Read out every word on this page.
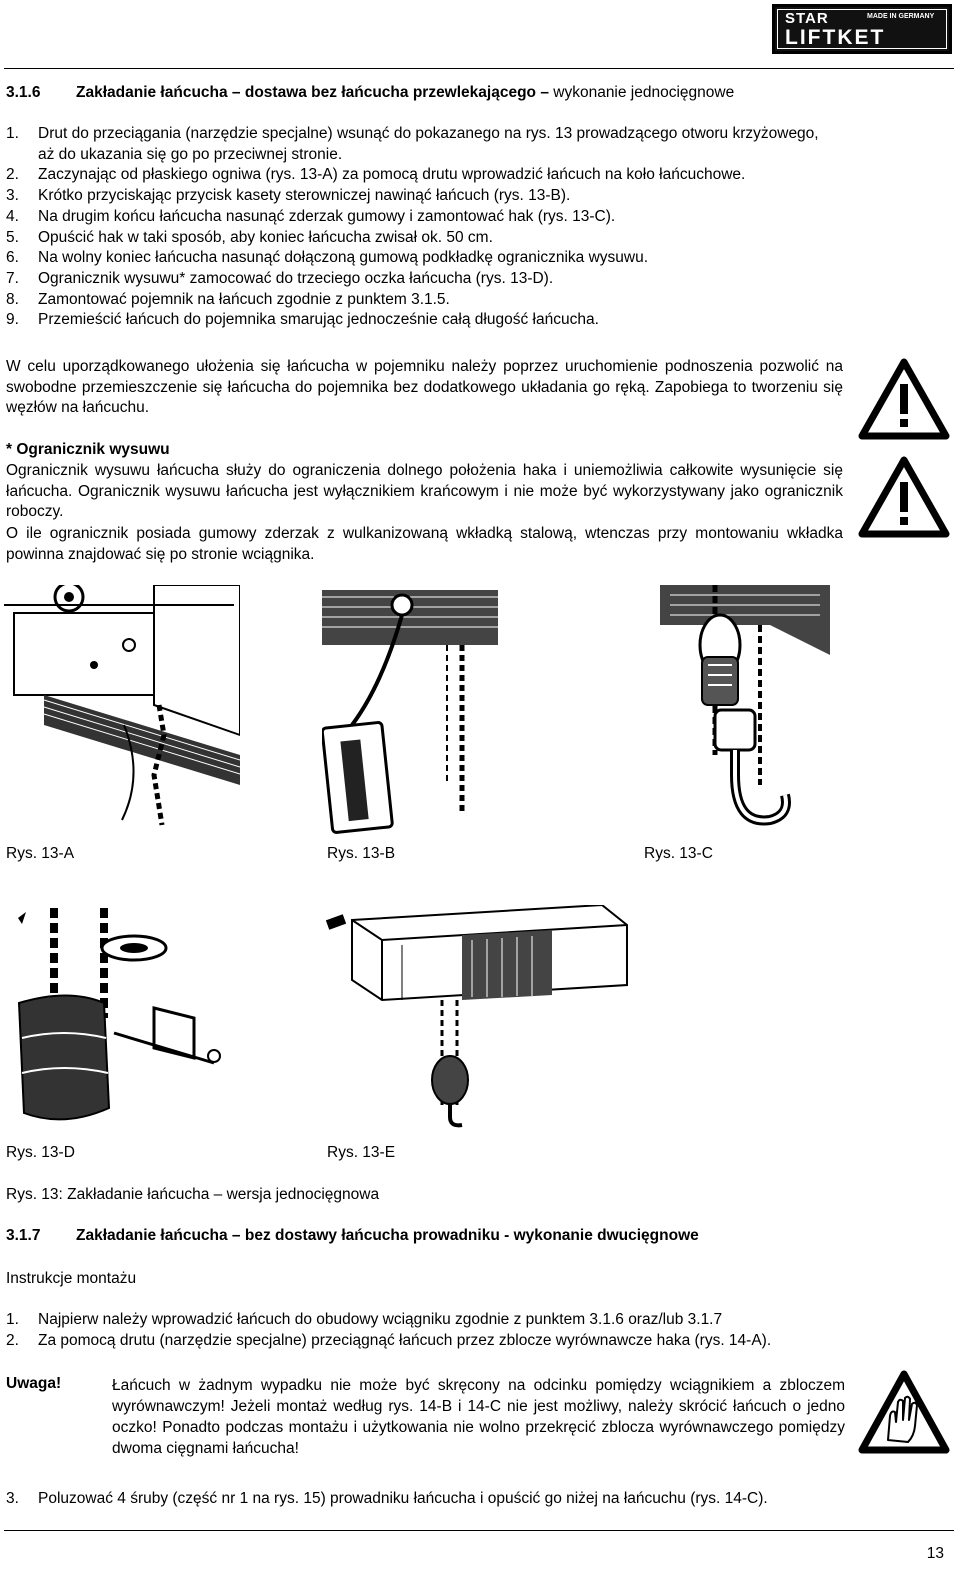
STAR	MADE IN GERMANY
LIFTKET
3.1.6 Zakładanie łańcucha – dostawa bez łańcucha przewlekającego – wykonanie jednocięgnowe
1. Drut do przeciągania (narzędzie specjalne) wsunąć do pokazanego na rys. 13 prowadzącego otworu krzyżowego, aż do ukazania się go po przeciwnej stronie.
2. Zaczynając od płaskiego ogniwa (rys. 13-A) za pomocą drutu wprowadzić łańcuch na koło łańcuchowe.
3. Krótko przyciskając przycisk kasety sterowniczej nawinąć łańcuch (rys. 13-B).
4. Na drugim końcu łańcucha nasunąć zderzak gumowy i zamontować hak (rys. 13-C).
5. Opuścić hak w taki sposób, aby koniec łańcucha zwisał ok. 50 cm.
6. Na wolny koniec łańcucha nasunąć dołączoną gumową podkładkę ogranicznika wysuwu.
7. Ogranicznik wysuwu* zamocować do trzeciego oczka łańcucha (rys. 13-D).
8. Zamontować pojemnik na łańcuch zgodnie z punktem 3.1.5.
9. Przemieścić łańcuch do pojemnika smarując jednocześnie całą długość łańcucha.

W celu uporządkowanego ułożenia się łańcucha w pojemniku należy poprzez uruchomienie podnoszenia pozwolić na swobodne przemieszczenie się łańcucha do pojemnika bez dodatkowego układania go ręką. Zapobiega to tworzeniu się węzłów na łańcuchu.

* Ogranicznik wysuwu

Ogranicznik wysuwu łańcucha służy do ograniczenia dolnego położenia haka i uniemożliwia całkowite wysunięcie się łańcucha. Ogranicznik wysuwu łańcucha jest wyłącznikiem krańcowym i nie może być wykorzystywany jako ogranicznik roboczy.

O ile ogranicznik posiada gumowy zderzak z wulkanizowaną wkładką stalową, wtenczas przy montowaniu wkładka powinna znajdować się po stronie wciągnika.

Rys. 13-A	Rys. 13-B	Rys. 13-C
Rys. 13-D	Rys. 13-E
Rys. 13: Zakładanie łańcucha – wersja jednocięgnowa
3.1.7 Zakładanie łańcucha – bez dostawy łańcucha prowadniku - wykonanie dwucięgnowe
Instrukcje montażu
1. Najpierw należy wprowadzić łańcuch do obudowy wciągniku zgodnie z punktem 3.1.6 oraz/lub 3.1.7
2. Za pomocą drutu (narzędzie specjalne) przeciągnąć łańcuch przez zblocze wyrównawcze haka (rys. 14-A).
Uwaga!	Łańcuch w żadnym wypadku nie może być skręcony na odcinku pomiędzy wciągnikiem a zbloczem wyrównawczym! Jeżeli montaż według rys. 14-B i 14-C nie jest możliwy, należy skrócić łańcuch o jedno oczko! Ponadto podczas montażu i użytkowania nie wolno przekręcić zblocza wyrównawczego pomiędzy dwoma cięgnami łańcucha!

3. Poluzować 4 śruby (część nr 1 na rys. 15) prowadniku łańcucha i opuścić go niżej na łańcuchu (rys. 14-C).
13
